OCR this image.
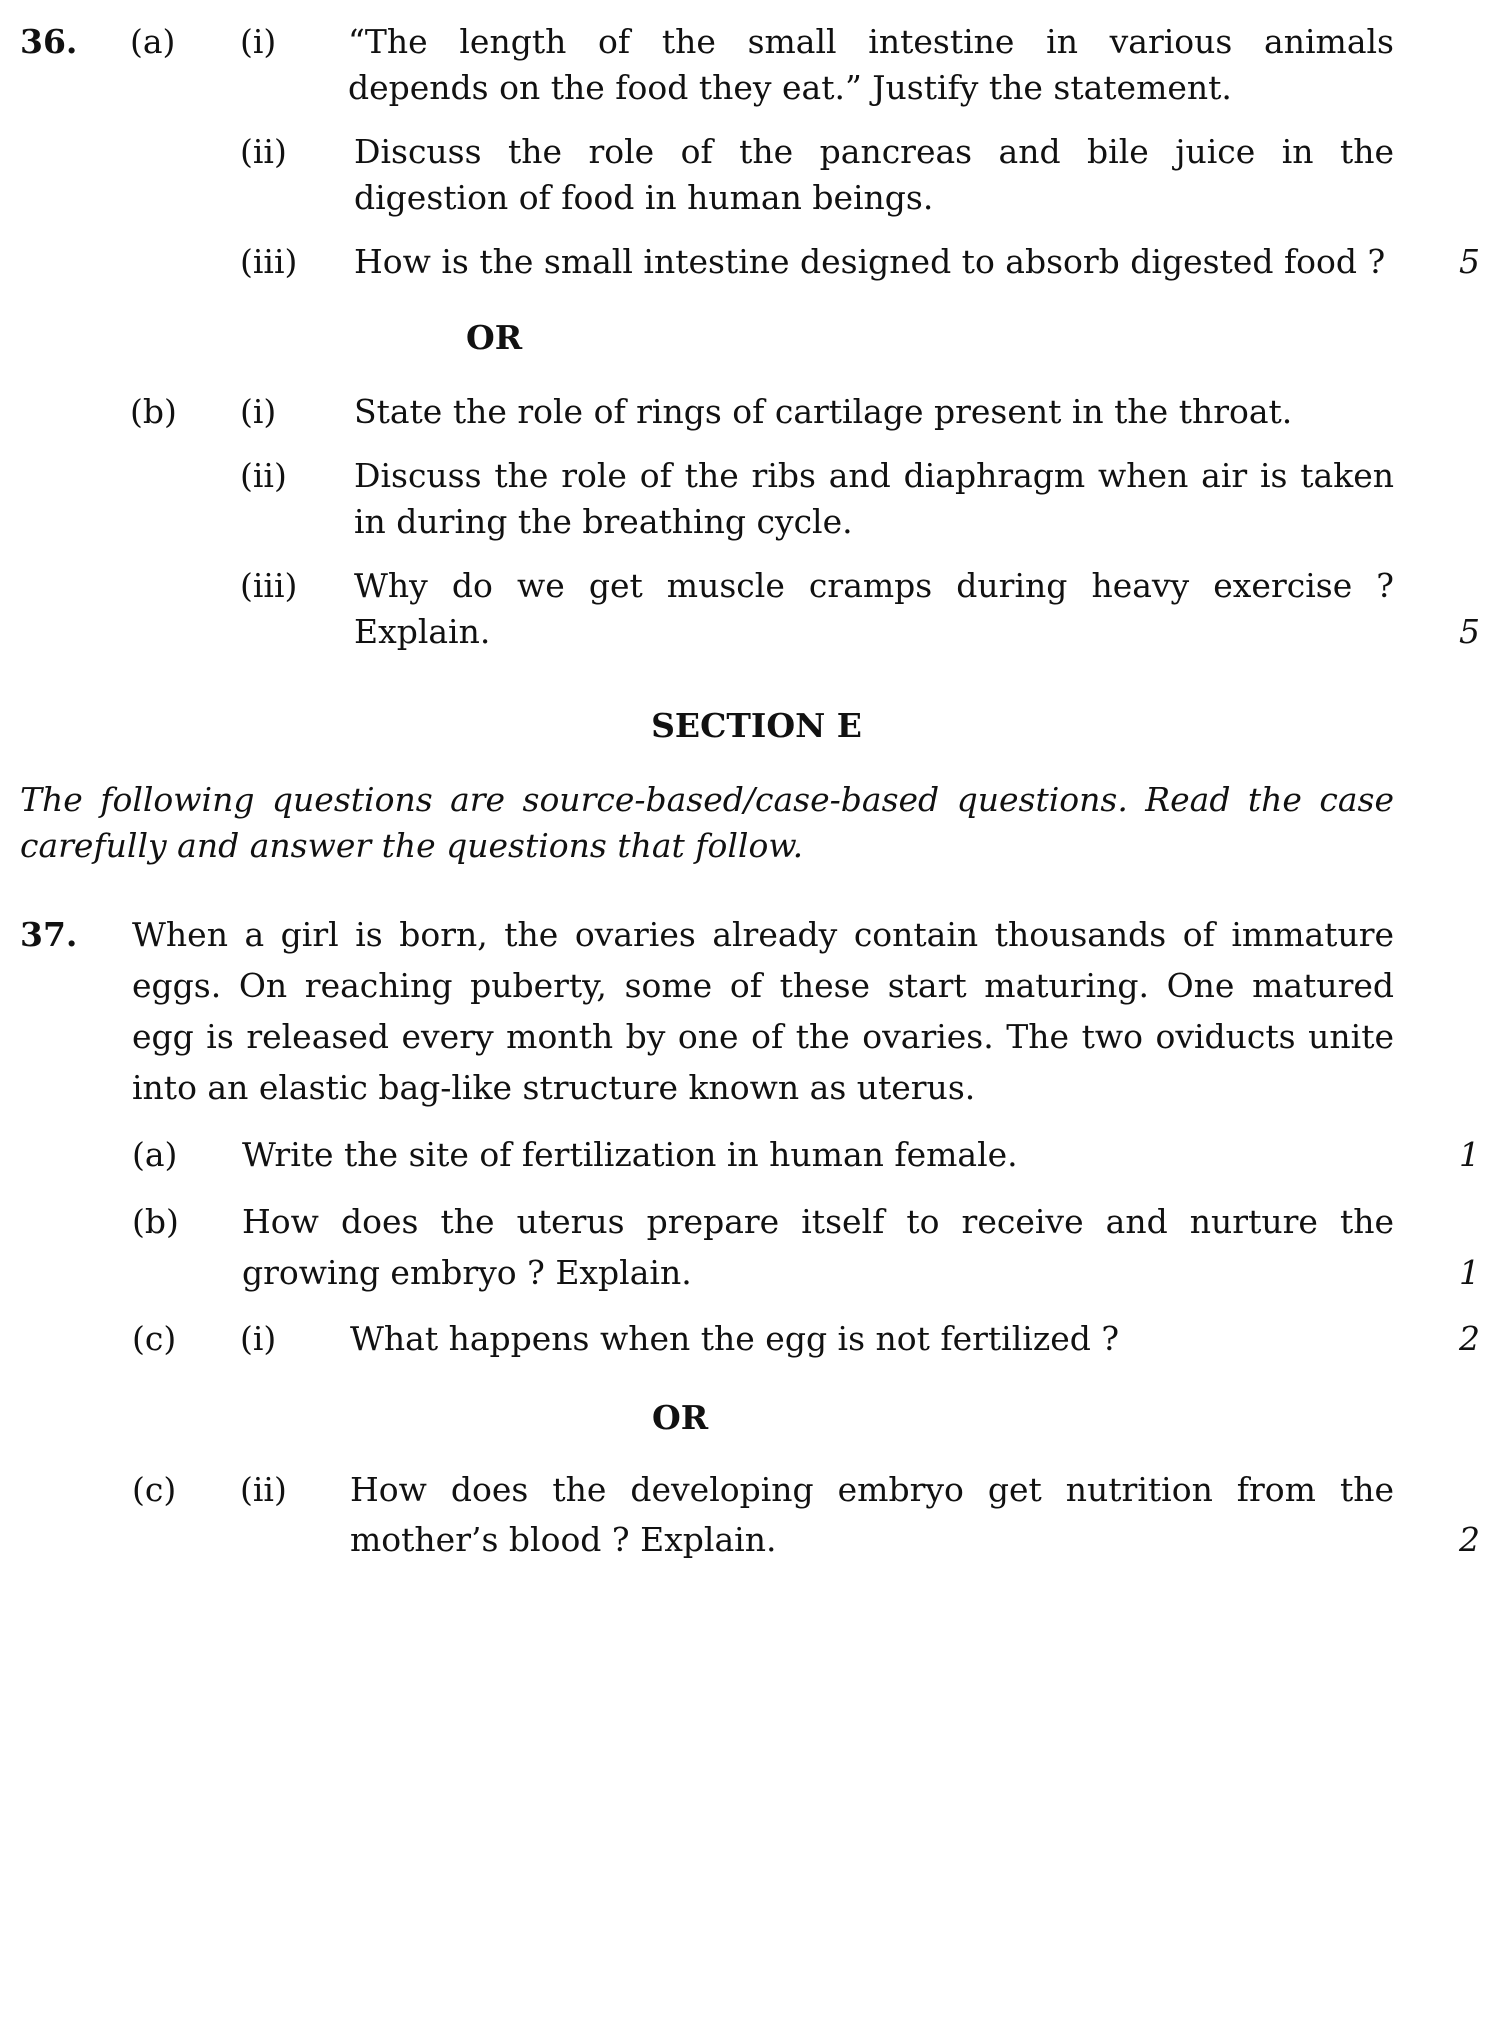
36. (a) (i) “The length of the small intestine in various animals
depends on the food they eat.” Justify the statement.
(ii) Discuss the role of the pancreas and bile juice in the
digestion of food in human beings.
(iii) How is the small intestine designed to absorb digested food ?	5
OR
(b) (i) State the role of rings of cartilage present in the throat.
(ii) Discuss the role of the ribs and diaphragm when air is taken
in during the breathing cycle.
(iii) Why do we get muscle cramps during heavy exercise ?
Explain.	5
SECTION E
The following questions are source-based/case-based questions. Read the case
carefully and answer the questions that follow.
37. When a girl is born, the ovaries already contain thousands of immature
eggs. On reaching puberty, some of these start maturing. One matured
egg is released every month by one of the ovaries. The two oviducts unite
into an elastic bag-like structure known as uterus.
(a) Write the site of fertilization in human female.	1
(b) How does the uterus prepare itself to receive and nurture the
growing embryo ? Explain.	1
(c) (i) What happens when the egg is not fertilized ?	2
OR
(c) (ii) How does the developing embryo get nutrition from the
mother’s blood ? Explain.	2
